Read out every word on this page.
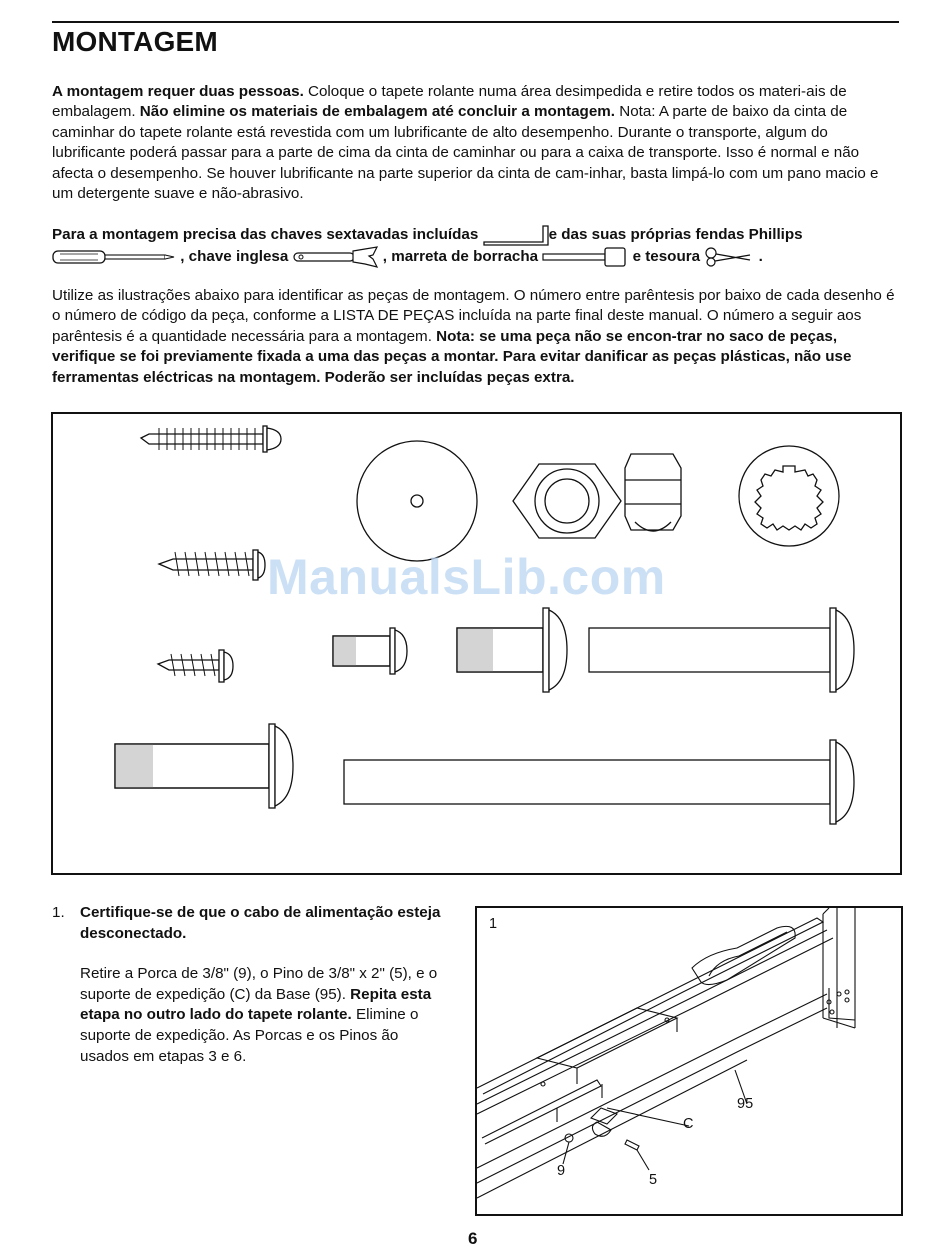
MONTAGEM
A montagem requer duas pessoas. Coloque o tapete rolante numa área desimpedida e retire todos os materi-ais de embalagem. Não elimine os materiais de embalagem até concluir a montagem. Nota: A parte de baixo da cinta de caminhar do tapete rolante está revestida com um lubrificante de alto desempenho. Durante o transporte, algum do lubrificante poderá passar para a parte de cima da cinta de caminhar ou para a caixa de transporte. Isso é normal e não afecta o desempenho. Se houver lubrificante na parte superior da cinta de cam-inhar, basta limpá-lo com um pano macio e um detergente suave e não-abrasivo.
Para a montagem precisa das chaves sextavadas incluídas	e das suas próprias fendas Phillips
, chave inglesa	, marreta de borracha	e tesoura	.
Utilize as ilustrações abaixo para identificar as peças de montagem. O número entre parêntesis por baixo de cada desenho é o número de código da peça, conforme a LISTA DE PEÇAS incluída na parte final deste manual. O número a seguir aos parêntesis é a quantidade necessária para a montagem. Nota: se uma peça não se encon-trar no saco de peças, verifique se foi previamente fixada a uma das peças a montar. Para evitar danificar as peças plásticas, não use ferramentas eléctricas na montagem. Poderão ser incluídas peças extra.
ManualsLib.com
1. Certifique-se de que o cabo de alimentação esteja desconectado.

Retire a Porca de 3/8" (9), o Pino de 3/8" x 2" (5), e o suporte de expedição (C) da Base (95). Repita esta etapa no outro lado do tapete rolante. Elimine o suporte de expedição. As Porcas e os Pinos ão usados em etapas 3 e 6.

1
95
C
9
5
6
